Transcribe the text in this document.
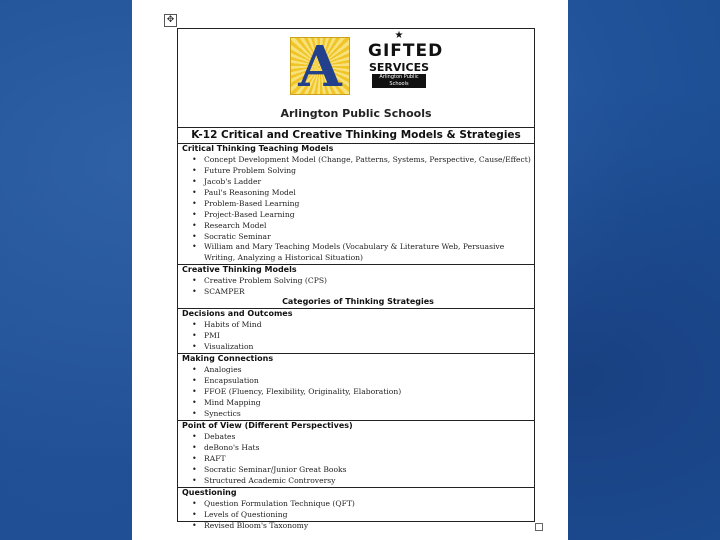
✥
A	★
GIFTED
SERVICES
Arlington Public Schools
Arlington Public Schools
K-12 Critical and Creative Thinking Models & Strategies
Critical Thinking Teaching Models
• Concept Development Model (Change, Patterns, Systems, Perspective, Cause/Effect)
• Future Problem Solving
• Jacob's Ladder
• Paul's Reasoning Model
• Problem-Based Learning
• Project-Based Learning
• Research Model
• Socratic Seminar
• William and Mary Teaching Models (Vocabulary & Literature Web, Persuasive Writing, Analyzing a Historical Situation)
Creative Thinking Models
• Creative Problem Solving (CPS)
• SCAMPER
Categories of Thinking Strategies
Decisions and Outcomes
• Habits of Mind
• PMI
• Visualization
Making Connections
• Analogies
• Encapsulation
• FFOE (Fluency, Flexibility, Originality, Elaboration)
• Mind Mapping
• Synectics
Point of View (Different Perspectives)
• Debates
• deBono's Hats
• RAFT
• Socratic Seminar/Junior Great Books
• Structured Academic Controversy
Questioning
• Question Formulation Technique (QFT)
• Levels of Questioning
• Revised Bloom's Taxonomy
